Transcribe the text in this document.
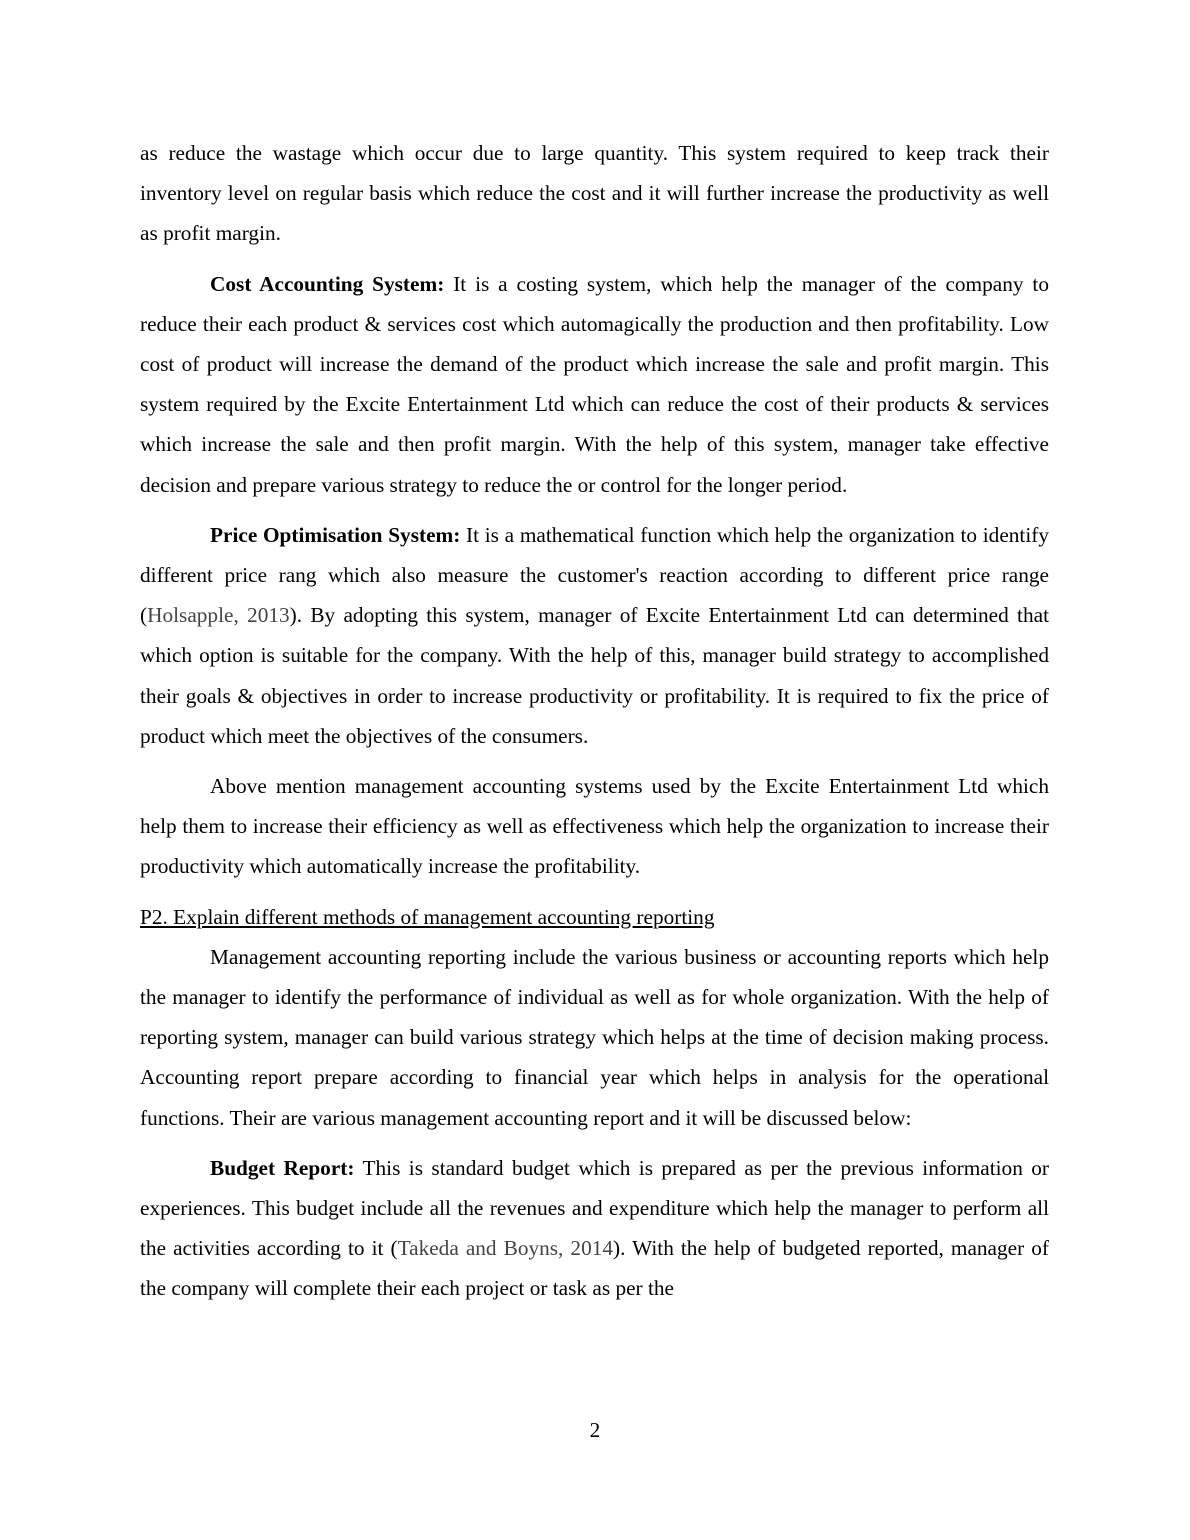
as reduce the wastage which occur due to large quantity. This system required to keep track their inventory level on regular basis which reduce the cost and it will further increase the productivity as well as profit margin.

Cost Accounting System: It is a costing system, which help the manager of the company to reduce their each product & services cost which automagically the production and then profitability. Low cost of product will increase the demand of the product which increase the sale and profit margin. This system required by the Excite Entertainment Ltd which can reduce the cost of their products & services which increase the sale and then profit margin. With the help of this system, manager take effective decision and prepare various strategy to reduce the or control for the longer period.

Price Optimisation System: It is a mathematical function which help the organization to identify different price rang which also measure the customer's reaction according to different price range (Holsapple, 2013). By adopting this system, manager of Excite Entertainment Ltd can determined that which option is suitable for the company. With the help of this, manager build strategy to accomplished their goals & objectives in order to increase productivity or profitability. It is required to fix the price of product which meet the objectives of the consumers.

Above mention management accounting systems used by the Excite Entertainment Ltd which help them to increase their efficiency as well as effectiveness which help the organization to increase their productivity which automatically increase the profitability.

P2. Explain different methods of management accounting reporting

Management accounting reporting include the various business or accounting reports which help the manager to identify the performance of individual as well as for whole organization. With the help of reporting system, manager can build various strategy which helps at the time of decision making process. Accounting report prepare according to financial year which helps in analysis for the operational functions. Their are various management accounting report and it will be discussed below:

Budget Report: This is standard budget which is prepared as per the previous information or experiences. This budget include all the revenues and expenditure which help the manager to perform all the activities according to it (Takeda and Boyns, 2014). With the help of budgeted reported, manager of the company will complete their each project or task as per the

2
